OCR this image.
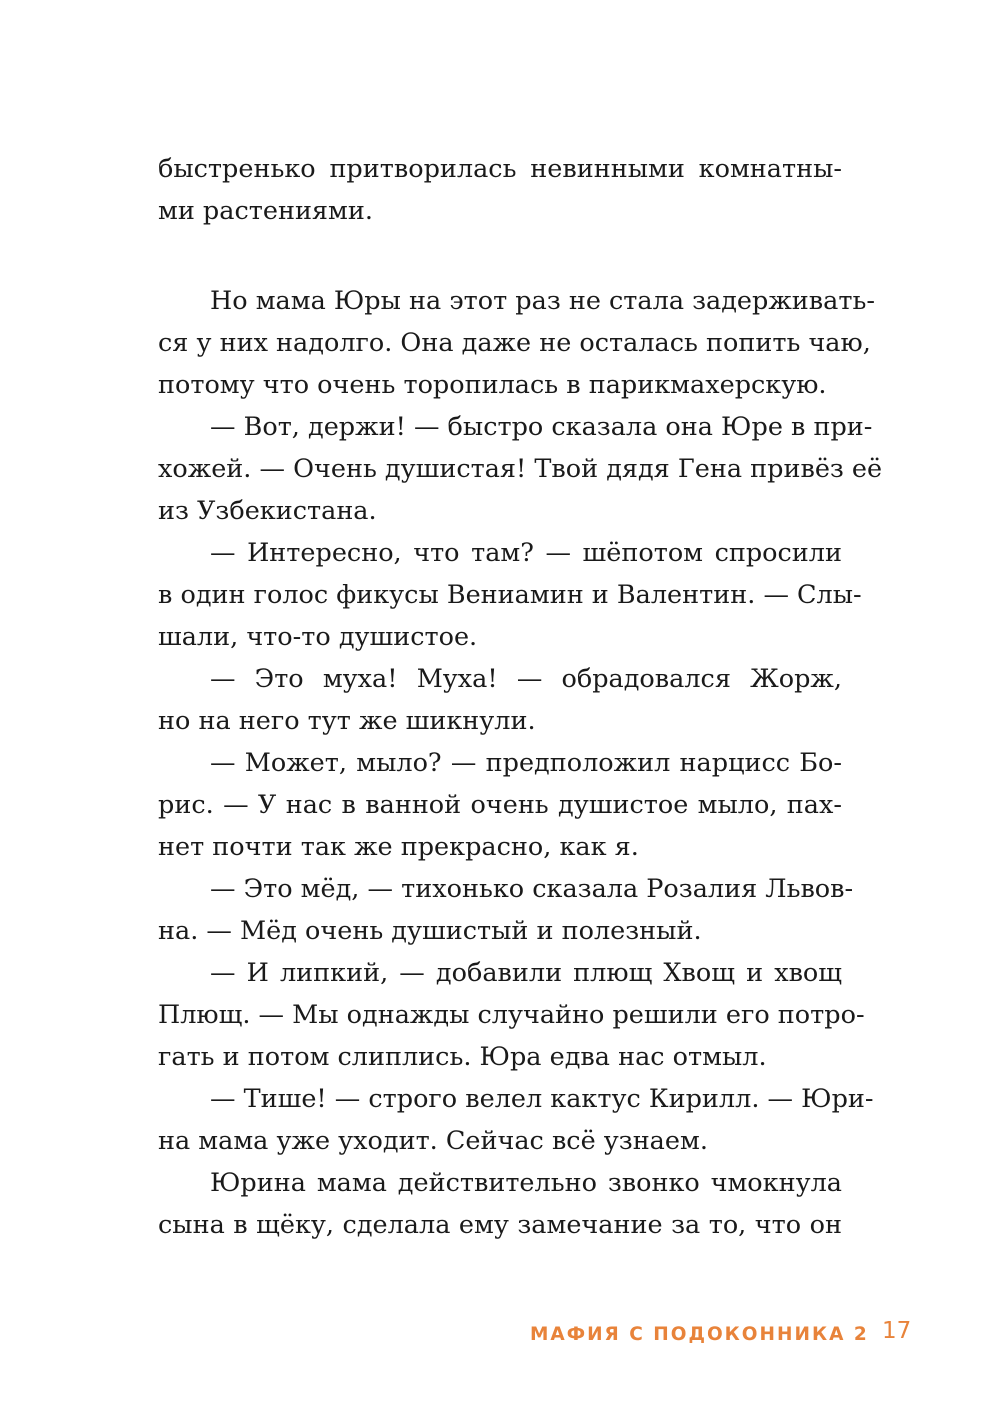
быстренько притворилась невинными комнатны-
ми растениями.
Но мама Юры на этот раз не стала задерживать-
ся у них надолго. Она даже не осталась попить чаю,
потому что очень торопилась в парикмахерскую.
— Вот, держи! — быстро сказала она Юре в при-
хожей. — Очень душистая! Твой дядя Гена привёз её
из Узбекистана.
— Интересно, что там? — шёпотом спросили
в один голос фикусы Вениамин и Валентин. — Слы-
шали, что-то душистое.
— Это муха! Муха! — обрадовался Жорж,
но на него тут же шикнули.
— Может, мыло? — предположил нарцисс Бо-
рис. — У нас в ванной очень душистое мыло, пах-
нет почти так же прекрасно, как я.
— Это мёд, — тихонько сказала Розалия Львов-
на. — Мёд очень душистый и полезный.
— И липкий, — добавили плющ Хвощ и хвощ
Плющ. — Мы однажды случайно решили его потро-
гать и потом слиплись. Юра едва нас отмыл.
— Тише! — строго велел кактус Кирилл. — Юри-
на мама уже уходит. Сейчас всё узнаем.
Юрина мама действительно звонко чмокнула
сына в щёку, сделала ему замечание за то, что он
МАФИЯ С ПОДОКОННИКА 2 17
